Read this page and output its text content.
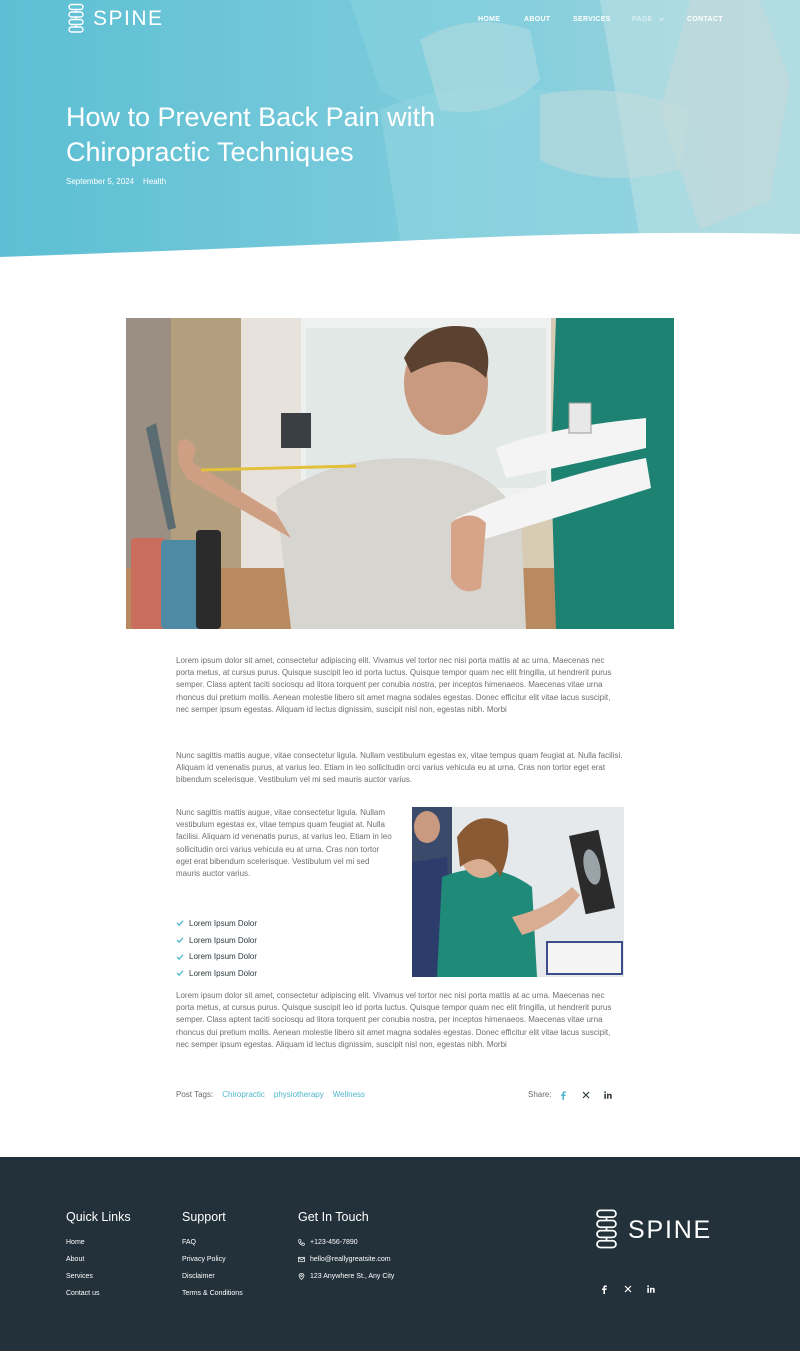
SPINE	HOME	ABOUT	SERVICES	PAGE	CONTACT
How to Prevent Back Pain with Chiropractic Techniques
September 5, 2024 Health

Lorem ipsum dolor sit amet, consectetur adipiscing elit. Vivamus vel tortor nec nisi porta mattis at ac urna. Maecenas nec porta metus, at cursus purus. Quisque suscipit leo id porta luctus. Quisque tempor quam nec elit fringilla, ut hendrerit purus semper. Class aptent taciti sociosqu ad litora torquent per conubia nostra, per inceptos himenaeos. Maecenas vitae urna rhoncus dui pretium mollis. Aenean molestie libero sit amet magna sodales egestas. Donec efficitur elit vitae lacus suscipit, nec semper ipsum egestas. Aliquam id lectus dignissim, suscipit nisl non, egestas nibh. Morbi

Nunc sagittis mattis augue, vitae consectetur ligula. Nullam vestibulum egestas ex, vitae tempus quam feugiat at. Nulla facilisi. Aliquam id venenatis purus, at varius leo. Etiam in leo sollicitudin orci varius vehicula eu at urna. Cras non tortor eget erat bibendum scelerisque. Vestibulum vel mi sed mauris auctor varius.

Nunc sagittis mattis augue, vitae consectetur ligula. Nullam vestibulum egestas ex, vitae tempus quam feugiat at. Nulla facilisi. Aliquam id venenatis purus, at varius leo. Etiam in leo sollicitudin orci varius vehicula eu at urna. Cras non tortor eget erat bibendum scelerisque. Vestibulum vel mi sed mauris auctor varius.

Lorem Ipsum Dolor
Lorem Ipsum Dolor
Lorem Ipsum Dolor
Lorem Ipsum Dolor

Lorem ipsum dolor sit amet, consectetur adipiscing elit. Vivamus vel tortor nec nisi porta mattis at ac urna. Maecenas nec porta metus, at cursus purus. Quisque suscipit leo id porta luctus. Quisque tempor quam nec elit fringilla, ut hendrerit purus semper. Class aptent taciti sociosqu ad litora torquent per conubia nostra, per inceptos himenaeos. Maecenas vitae urna rhoncus dui pretium mollis. Aenean molestie libero sit amet magna sodales egestas. Donec efficitur elit vitae lacus suscipit, nec semper ipsum egestas. Aliquam id lectus dignissim, suscipit nisl non, egestas nibh. Morbi

Post Tags: Chiropractic physiotherapy Wellness	Share:
Quick Links
Home
About
Services
Contact us
Support
FAQ
Privacy Policy
Disclaimer
Terms & Conditions
Get In Touch
+123-456-7890
hello@reallygreatsite.com
123 Anywhere St., Any City
SPINE
